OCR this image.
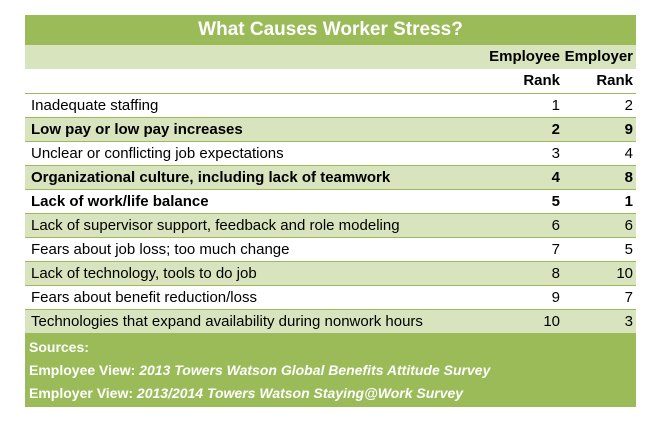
What Causes Worker Stress?
Employee Employer
Rank	Rank
Inadequate staffing	1	2
Low pay or low pay increases	2	9
Unclear or conflicting job expectations	3	4
Organizational culture, including lack of teamwork	4	8
Lack of work/life balance	5	1
Lack of supervisor support, feedback and role modeling	6	6
Fears about job loss; too much change	7	5
Lack of technology, tools to do job	8	10
Fears about benefit reduction/loss	9	7
Technologies that expand availability during nonwork hours	10	3
Sources:
Employee View: 2013 Towers Watson Global Benefits Attitude Survey
Employer View: 2013/2014 Towers Watson Staying@Work Survey
